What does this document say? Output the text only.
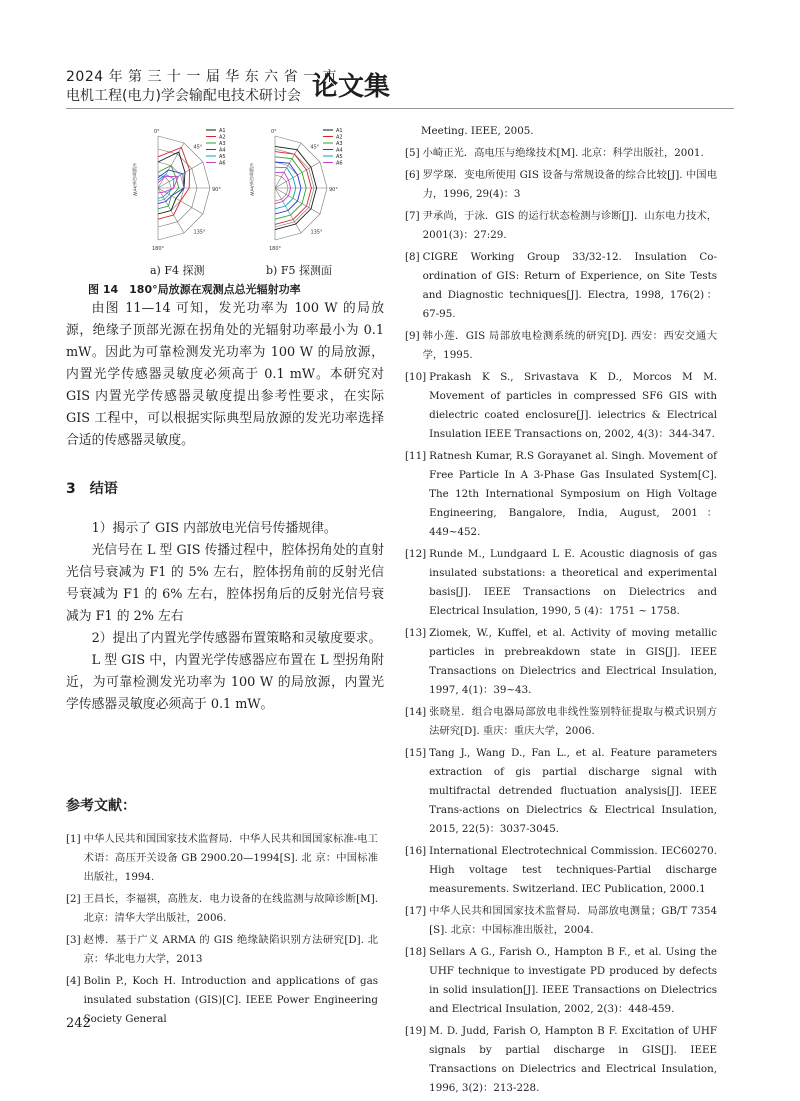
2024 年 第 三 十 一 届 华 东 六 省 一 市
电机工程(电力)学会输配电技术研讨会 论文集
0°
45°
90°
135°
180°
光辐射功率/mW
A1
A2
A3
A4
A5
A6
0°
45°
90°
135°
180°
光辐射功率/mW
A1
A2
A3
A4
A5
A6
a) F4 探测	b) F5 探测面
图 14　180°局放源在观测点总光辐射功率

由图 11—14 可知，发光功率为 100 W 的局放源，绝缘子顶部光源在拐角处的光辐射功率最小为 0.1 mW。因此为可靠检测发光功率为 100 W 的局放源，内置光学传感器灵敏度必须高于 0.1 mW。本研究对 GIS 内置光学传感器灵敏度提出参考性要求，在实际 GIS 工程中，可以根据实际典型局放源的发光功率选择合适的传感器灵敏度。

3　结语

1）揭示了 GIS 内部放电光信号传播规律。

光信号在 L 型 GIS 传播过程中，腔体拐角处的直射光信号衰减为 F1 的 5% 左右，腔体拐角前的反射光信号衰减为 F1 的 6% 左右，腔体拐角后的反射光信号衰减为 F1 的 2% 左右

2）提出了内置光学传感器布置策略和灵敏度要求。

L 型 GIS 中，内置光学传感器应布置在 L 型拐角附近，为可靠检测发光功率为 100 W 的局放源，内置光学传感器灵敏度必须高于 0.1 mW。

参考文献：
[1] 中华人民共和国国家技术监督局．中华人民共和国国家标准-电工术语：高压开关设备 GB 2900.20—1994[S]. 北 京：中国标准出版社，1994.
[2] 王昌长，李福祺，高胜友．电力设备的在线监测与故障诊断[M]. 北京：清华大学出版社，2006.
[3] 赵博．基于广义 ARMA 的 GIS 绝缘缺陷识别方法研究[D]. 北京：华北电力大学，2013
[4] Bolin P., Koch H. Introduction and applications of gas insulated substation (GIS)[C]. IEEE Power Engineering Society General
Meeting. IEEE, 2005.
[5] 小崎正光．高电压与绝缘技术[M]. 北京：科学出版社，2001.
[6] 罗学琛．变电所使用 GIS 设备与常规设备的综合比较[J]. 中国电力，1996, 29(4)：3
[7] 尹承尚，于泳．GIS 的运行状态检测与诊断[J]．山东电力技术，2001(3)：27:29.
[8] CIGRE Working Group 33/32-12. Insulation Co-ordination of GIS: Return of Experience, on Site Tests and Diagnostic techniques[J]. Electra, 1998, 176(2)：67-95.
[9] 韩小莲．GIS 局部放电检测系统的研究[D]. 西安：西安交通大学，1995.
[10] Prakash K S., Srivastava K D., Morcos M M. Movement of particles in compressed SF6 GIS with dielectric coated enclosure[J]. ielectrics & Electrical Insulation IEEE Transactions on, 2002, 4(3)：344-347.
[11] Ratnesh Kumar, R.S Gorayanet al. Singh. Movement of Free Particle In A 3-Phase Gas Insulated System[C]. The 12th International Symposium on High Voltage Engineering, Bangalore, India, August, 2001：449~452.
[12] Runde M., Lundgaard L E. Acoustic diagnosis of gas insulated substations: a theoretical and experimental basis[J]. IEEE Transactions on Dielectrics and Electrical Insulation, 1990, 5 (4)：1751 ~ 1758.
[13] Ziomek, W., Kuffel, et al. Activity of moving metallic particles in prebreakdown state in GIS[J]. IEEE Transactions on Dielectrics and Electrical Insulation, 1997, 4(1)：39~43.
[14] 张晓星．组合电器局部放电非线性鉴别特征提取与模式识别方法研究[D]. 重庆：重庆大学，2006.
[15] Tang J., Wang D., Fan L., et al. Feature parameters extraction of gis partial discharge signal with multifractal detrended fluctuation analysis[J]. IEEE Trans-actions on Dielectrics & Electrical Insulation, 2015, 22(5)：3037-3045.
[16] International Electrotechnical Commission. IEC60270. High voltage test techniques-Partial discharge measurements. Switzerland. IEC Publication, 2000.1
[17] 中华人民共和国国家技术监督局．局部放电测量；GB/T 7354 [S]. 北京：中国标准出版社，2004.
[18] Sellars A G., Farish O., Hampton B F., et al. Using the UHF technique to investigate PD produced by defects in solid insulation[J]. IEEE Transactions on Dielectrics and Electrical Insulation, 2002, 2(3)：448-459.
[19] M. D. Judd, Farish O, Hampton B F. Excitation of UHF signals by partial discharge in GIS[J]. IEEE Transactions on Dielectrics and Electrical Insulation, 1996, 3(2)：213-228.
242
